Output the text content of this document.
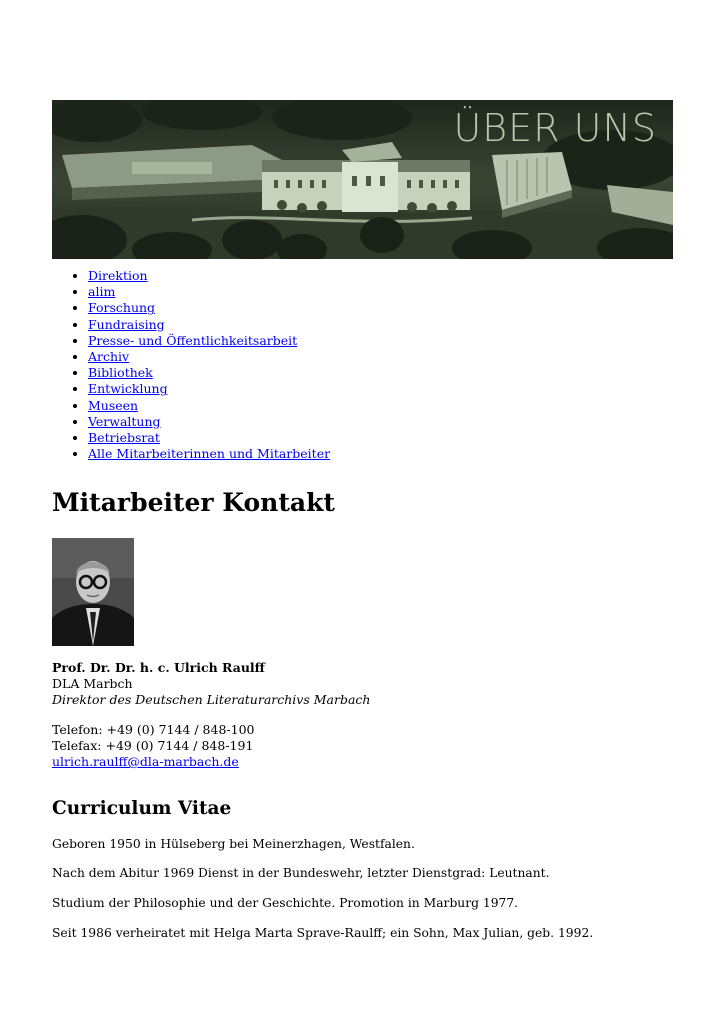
ÜBER UNS
• Direktion
• alim
• Forschung
• Fundraising
• Presse- und Öffentlichkeitsarbeit
• Archiv
• Bibliothek
• Entwicklung
• Museen
• Verwaltung
• Betriebsrat
• Alle Mitarbeiterinnen und Mitarbeiter
Mitarbeiter Kontakt
Prof. Dr. Dr. h. c. Ulrich Raulff
DLA Marbch
Direktor des Deutschen Literaturarchivs Marbach
Telefon: +49 (0) 7144 / 848-100
Telefax: +49 (0) 7144 / 848-191
ulrich.raulff@dla-marbach.de
Curriculum Vitae

Geboren 1950 in Hülseberg bei Meinerzhagen, Westfalen.

Nach dem Abitur 1969 Dienst in der Bundeswehr, letzter Dienstgrad: Leutnant.

Studium der Philosophie und der Geschichte. Promotion in Marburg 1977.

Seit 1986 verheiratet mit Helga Marta Sprave-Raulff; ein Sohn, Max Julian, geb. 1992.
